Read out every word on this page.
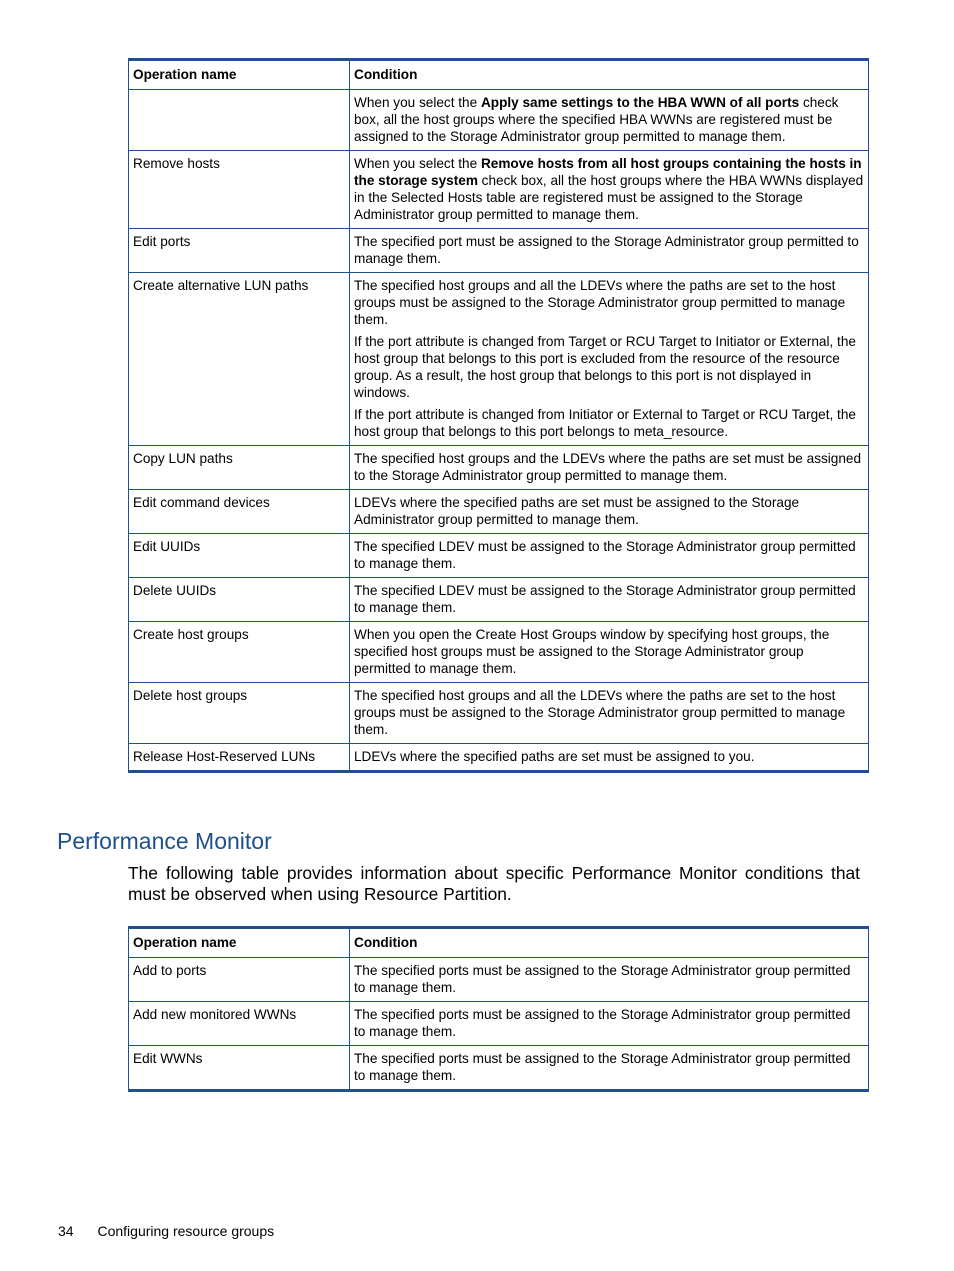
Operation name	Condition

	When you select the Apply same settings to the HBA WWN of all ports check box, all the host groups where the specified HBA WWNs are registered must be assigned to the Storage Administrator group permitted to manage them.

Remove hosts	When you select the Remove hosts from all host groups containing the hosts in the storage system check box, all the host groups where the HBA WWNs displayed in the Selected Hosts table are registered must be assigned to the Storage Administrator group permitted to manage them.

Edit ports	The specified port must be assigned to the Storage Administrator group permitted to manage them.

Create alternative LUN paths	The specified host groups and all the LDEVs where the paths are set to the host groups must be assigned to the Storage Administrator group permitted to manage them.

If the port attribute is changed from Target or RCU Target to Initiator or External, the host group that belongs to this port is excluded from the resource of the resource group. As a result, the host group that belongs to this port is not displayed in windows.

If the port attribute is changed from Initiator or External to Target or RCU Target, the host group that belongs to this port belongs to meta_resource.

Copy LUN paths	The specified host groups and the LDEVs where the paths are set must be assigned to the Storage Administrator group permitted to manage them.

Edit command devices	LDEVs where the specified paths are set must be assigned to the Storage Administrator group permitted to manage them.

Edit UUIDs	The specified LDEV must be assigned to the Storage Administrator group permitted to manage them.

Delete UUIDs	The specified LDEV must be assigned to the Storage Administrator group permitted to manage them.

Create host groups	When you open the Create Host Groups window by specifying host groups, the specified host groups must be assigned to the Storage Administrator group permitted to manage them.

Delete host groups	The specified host groups and all the LDEVs where the paths are set to the host groups must be assigned to the Storage Administrator group permitted to manage them.

Release Host-Reserved LUNs	LDEVs where the specified paths are set must be assigned to you.

Performance Monitor

The following table provides information about specific Performance Monitor conditions that must be observed when using Resource Partition.

Operation name	Condition
Add to ports	The specified ports must be assigned to the Storage Administrator group permitted to manage them.

Add new monitored WWNs	The specified ports must be assigned to the Storage Administrator group permitted to manage them.

Edit WWNs	The specified ports must be assigned to the Storage Administrator group permitted to manage them.

34 Configuring resource groups
